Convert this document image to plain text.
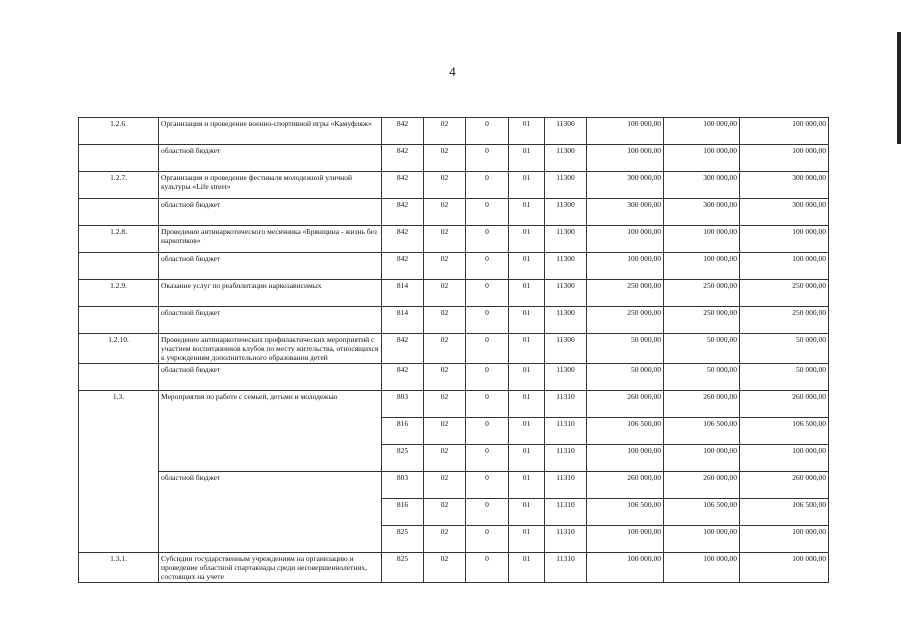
4
1.2.6.	Организация и проведение военно-спортивной игры «Камуфляж»	842	02	0	01	11300	100 000,00	100 000,00	100 000,00
	областной бюджет	842	02	0	01	11300	100 000,00	100 000,00	100 000,00
1.2.7.	Организация и проведение фестиваля молодежной уличной культуры «Life street»	842	02	0	01	11300	300 000,00	300 000,00	300 000,00
	областной бюджет	842	02	0	01	11300	300 000,00	300 000,00	300 000,00
1.2.8.	Проведение антинаркотического месячника «Брянщина - жизнь без наркотиков»	842	02	0	01	11300	100 000,00	100 000,00	100 000,00
	областной бюджет	842	02	0	01	11300	100 000,00	100 000,00	100 000,00
1.2.9.	Оказание услуг по реабилитации наркозависимых	814	02	0	01	11300	250 000,00	250 000,00	250 000,00
	областной бюджет	814	02	0	01	11300	250 000,00	250 000,00	250 000,00
1.2.10.	Проведение антинаркотических профилактических мероприятий с участием воспитанников клубов по месту жительства, относящихся к учреждениям дополнительного образования детей	842	02	0	01	11300	50 000,00	50 000,00	50 000,00
	областной бюджет	842	02	0	01	11300	50 000,00	50 000,00	50 000,00
1.3.	Мероприятия по работе с семьей, детьми и молодежью	803	02	0	01	11310	260 000,00	260 000,00	260 000,00
		816	02	0	01	11310	106 500,00	106 500,00	106 500,00
		825	02	0	01	11310	100 000,00	100 000,00	100 000,00
	областной бюджет	803	02	0	01	11310	260 000,00	260 000,00	260 000,00
		816	02	0	01	11310	106 500,00	106 500,00	106 500,00
		825	02	0	01	11310	100 000,00	100 000,00	100 000,00
1.3.1.	Субсидии государственным учреждениям на организацию и проведение областной спартакиады среди несовершеннолетних, состоящих на учете	825	02	0	01	11310	100 000,00	100 000,00	100 000,00
